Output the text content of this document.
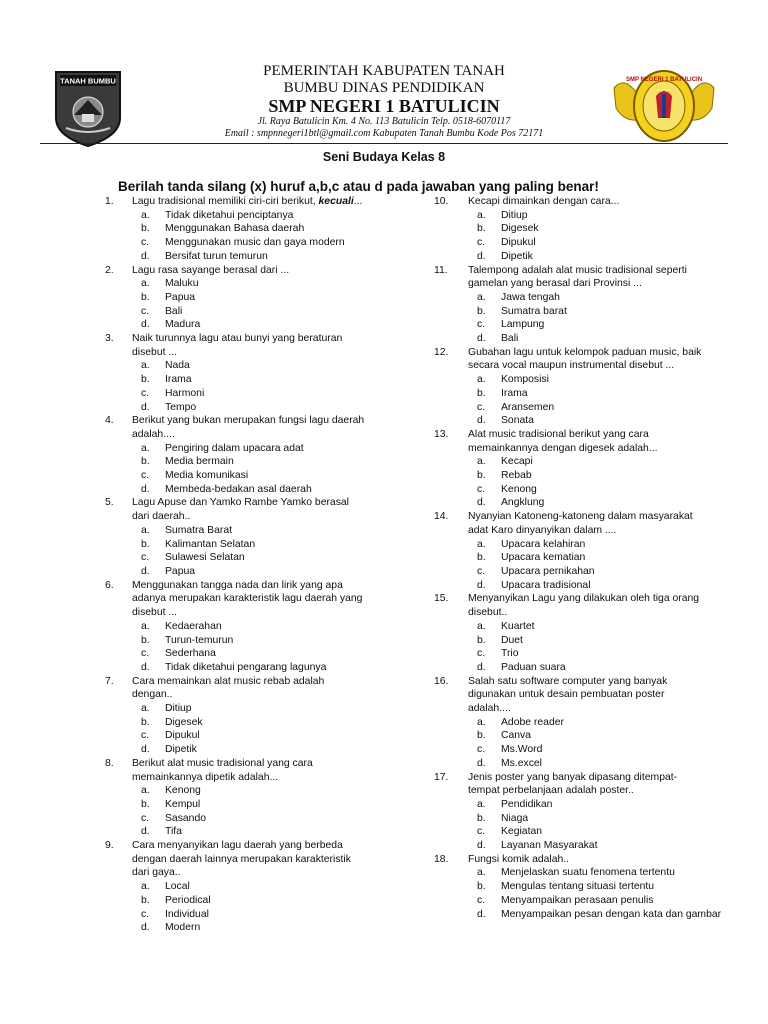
TANAH BUMBU	SMP NEGERI 1 BATULICIN
PEMERINTAH KABUPATEN TANAH
BUMBU DINAS PENDIDIKAN
SMP NEGERI 1 BATULICIN
Jl. Raya Batulicin Km. 4 No. 113 Batulicin Telp. 0518-6070117
Email : smpnnegeri1btl@gmail.com Kabupaten Tanah Bumbu Kode Pos 72171
Seni Budaya Kelas 8
Berilah tanda silang (x) huruf a,b,c atau d pada jawaban yang paling benar!
1.	Lagu tradisional memiliki ciri-ciri berikut, kecuali...
a. Tidak diketahui penciptanya
b. Menggunakan Bahasa daerah
c. Menggunakan music dan gaya modern
d. Bersifat turun temurun
2.	Lagu rasa sayange berasal dari ...
a. Maluku
b. Papua
c. Bali
d. Madura
3.	Naik turunnya lagu atau bunyi yang beraturan
disebut ...
a. Nada
b. Irama
c. Harmoni
d. Tempo
4.	Berikut yang bukan merupakan fungsi lagu daerah
adalah....
a. Pengiring dalam upacara adat
b. Media bermain
c. Media komunikasi
d. Membeda-bedakan asal daerah
5.	Lagu Apuse dan Yamko Rambe Yamko berasal
dari daerah..
a. Sumatra Barat
b. Kalimantan Selatan
c. Sulawesi Selatan
d. Papua
6.	Menggunakan tangga nada dan lirik yang apa
adanya merupakan karakteristik lagu daerah yang
disebut ...
a. Kedaerahan
b. Turun-temurun
c. Sederhana
d. Tidak diketahui pengarang lagunya
7.	Cara memainkan alat music rebab adalah
dengan..
a. Ditiup
b. Digesek
c. Dipukul
d. Dipetik
8.	Berikut alat music tradisional yang cara
memainkannya dipetik adalah...
a. Kenong
b. Kempul
c. Sasando
d. Tifa
9.	Cara menyanyikan lagu daerah yang berbeda
dengan daerah lainnya merupakan karakteristik
dari gaya..
a. Local
b. Periodical
c. Individual
d. Modern
10.	Kecapi dimainkan dengan cara...
a. Ditiup
b. Digesek
c. Dipukul
d. Dipetik
11.	Talempong adalah alat music tradisional seperti
gamelan yang berasal dari Provinsi ...
a. Jawa tengah
b. Sumatra barat
c. Lampung
d. Bali
12.	Gubahan lagu untuk kelompok paduan music, baik
secara vocal maupun instrumental disebut ...
a. Komposisi
b. Irama
c. Aransemen
d. Sonata
13.	Alat music tradisional berikut yang cara
memainkannya dengan digesek adalah...
a. Kecapi
b. Rebab
c. Kenong
d. Angklung
14.	Nyanyian Katoneng-katoneng dalam masyarakat
adat Karo dinyanyikan dalam ....
a. Upacara kelahiran
b. Upacara kematian
c. Upacara pernikahan
d. Upacara tradisional
15.	Menyanyikan Lagu yang dilakukan oleh tiga orang
disebut..
a. Kuartet
b. Duet
c. Trio
d. Paduan suara
16.	Salah satu software computer yang banyak
digunakan untuk desain pembuatan poster
adalah....
a. Adobe reader
b. Canva
c. Ms.Word
d. Ms.excel
17.	Jenis poster yang banyak dipasang ditempat-
tempat perbelanjaan adalah poster..
a. Pendidikan
b. Niaga
c. Kegiatan
d. Layanan Masyarakat
18.	Fungsi komik adalah..
a. Menjelaskan suatu fenomena tertentu
b. Mengulas tentang situasi tertentu
c. Menyampaikan perasaan penulis
d. Menyampaikan pesan dengan kata dan gambar
